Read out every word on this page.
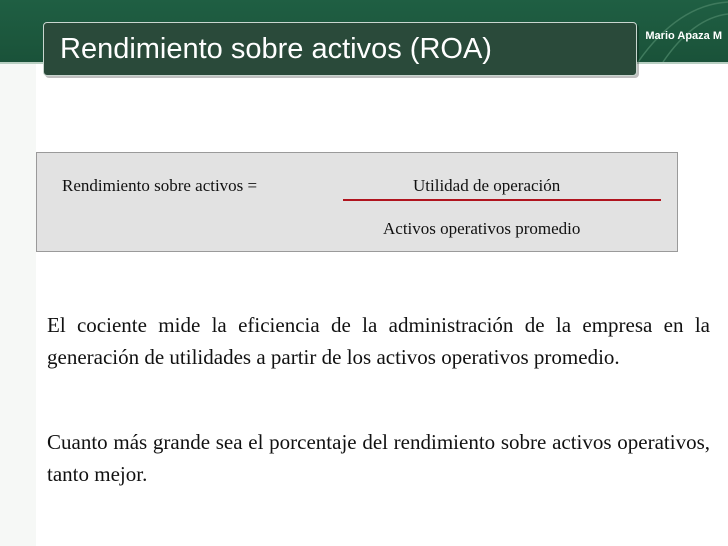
Rendimiento sobre activos (ROA)	Mario Apaza M
Rendimiento sobre activos =	Utilidad de operación
Activos operativos promedio

El cociente mide la eficiencia de la administración de la empresa en la generación de utilidades a partir de los activos operativos promedio.

Cuanto más grande sea el porcentaje del rendimiento sobre activos operativos, tanto mejor.
